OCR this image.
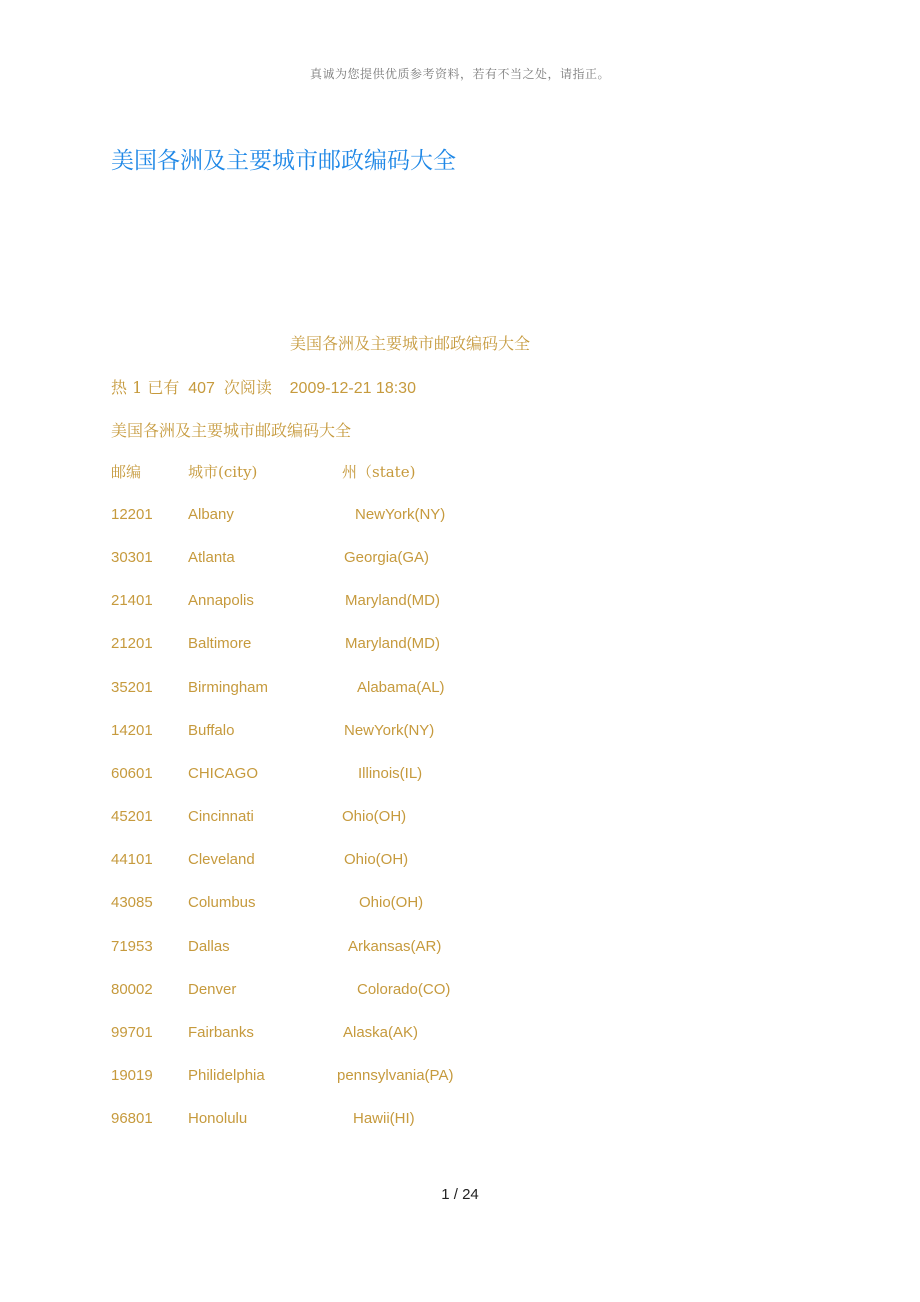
真诚为您提供优质参考资料，若有不当之处，请指正。
美国各洲及主要城市邮政编码大全
美国各洲及主要城市邮政编码大全
热 1 已有 407 次阅读 2009-12-21 18:30
美国各洲及主要城市邮政编码大全
邮编	城市(city)	州（state)
12201 Albany	NewYork(NY)
30301 Atlanta	Georgia(GA)
21401 Annapolis	Maryland(MD)
21201 Baltimore	Maryland(MD)
35201 Birmingham	Alabama(AL)
14201 Buffalo	NewYork(NY)
60601 CHICAGO	Illinois(IL)
45201 Cincinnati	Ohio(OH)
44101 Cleveland	Ohio(OH)
43085 Columbus	Ohio(OH)
71953 Dallas	Arkansas(AR)
80002 Denver	Colorado(CO)
99701 Fairbanks	Alaska(AK)
19019 Philidelphia	pennsylvania(PA)
96801 Honolulu	Hawii(HI)
1 / 24
